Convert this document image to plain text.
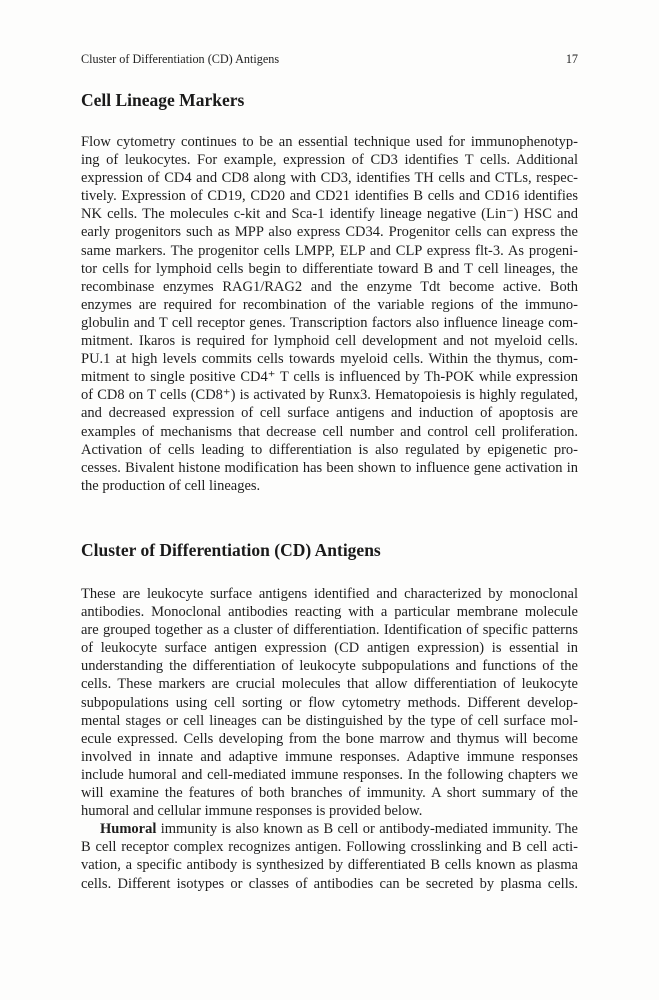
Cluster of Differentiation (CD) Antigens	17
Cell Lineage Markers
Flow cytometry continues to be an essential technique used for immunophenotyp-
ing of leukocytes. For example, expression of CD3 identifies T cells. Additional
expression of CD4 and CD8 along with CD3, identifies TH cells and CTLs, respec-
tively. Expression of CD19, CD20 and CD21 identifies B cells and CD16 identifies
NK cells. The molecules c-kit and Sca-1 identify lineage negative (Lin⁻) HSC and
early progenitors such as MPP also express CD34. Progenitor cells can express the
same markers. The progenitor cells LMPP, ELP and CLP express flt-3. As progeni-
tor cells for lymphoid cells begin to differentiate toward B and T cell lineages, the
recombinase enzymes RAG1/RAG2 and the enzyme Tdt become active. Both
enzymes are required for recombination of the variable regions of the immuno-
globulin and T cell receptor genes. Transcription factors also influence lineage com-
mitment. Ikaros is required for lymphoid cell development and not myeloid cells.
PU.1 at high levels commits cells towards myeloid cells. Within the thymus, com-
mitment to single positive CD4⁺ T cells is influenced by Th-POK while expression
of CD8 on T cells (CD8⁺) is activated by Runx3. Hematopoiesis is highly regulated,
and decreased expression of cell surface antigens and induction of apoptosis are
examples of mechanisms that decrease cell number and control cell proliferation.
Activation of cells leading to differentiation is also regulated by epigenetic pro-
cesses. Bivalent histone modification has been shown to influence gene activation in
the production of cell lineages.
Cluster of Differentiation (CD) Antigens
These are leukocyte surface antigens identified and characterized by monoclonal
antibodies. Monoclonal antibodies reacting with a particular membrane molecule
are grouped together as a cluster of differentiation. Identification of specific patterns
of leukocyte surface antigen expression (CD antigen expression) is essential in
understanding the differentiation of leukocyte subpopulations and functions of the
cells. These markers are crucial molecules that allow differentiation of leukocyte
subpopulations using cell sorting or flow cytometry methods. Different develop-
mental stages or cell lineages can be distinguished by the type of cell surface mol-
ecule expressed. Cells developing from the bone marrow and thymus will become
involved in innate and adaptive immune responses. Adaptive immune responses
include humoral and cell-mediated immune responses. In the following chapters we
will examine the features of both branches of immunity. A short summary of the
humoral and cellular immune responses is provided below.
Humoral immunity is also known as B cell or antibody-mediated immunity. The
B cell receptor complex recognizes antigen. Following crosslinking and B cell acti-
vation, a specific antibody is synthesized by differentiated B cells known as plasma
cells. Different isotypes or classes of antibodies can be secreted by plasma cells.
